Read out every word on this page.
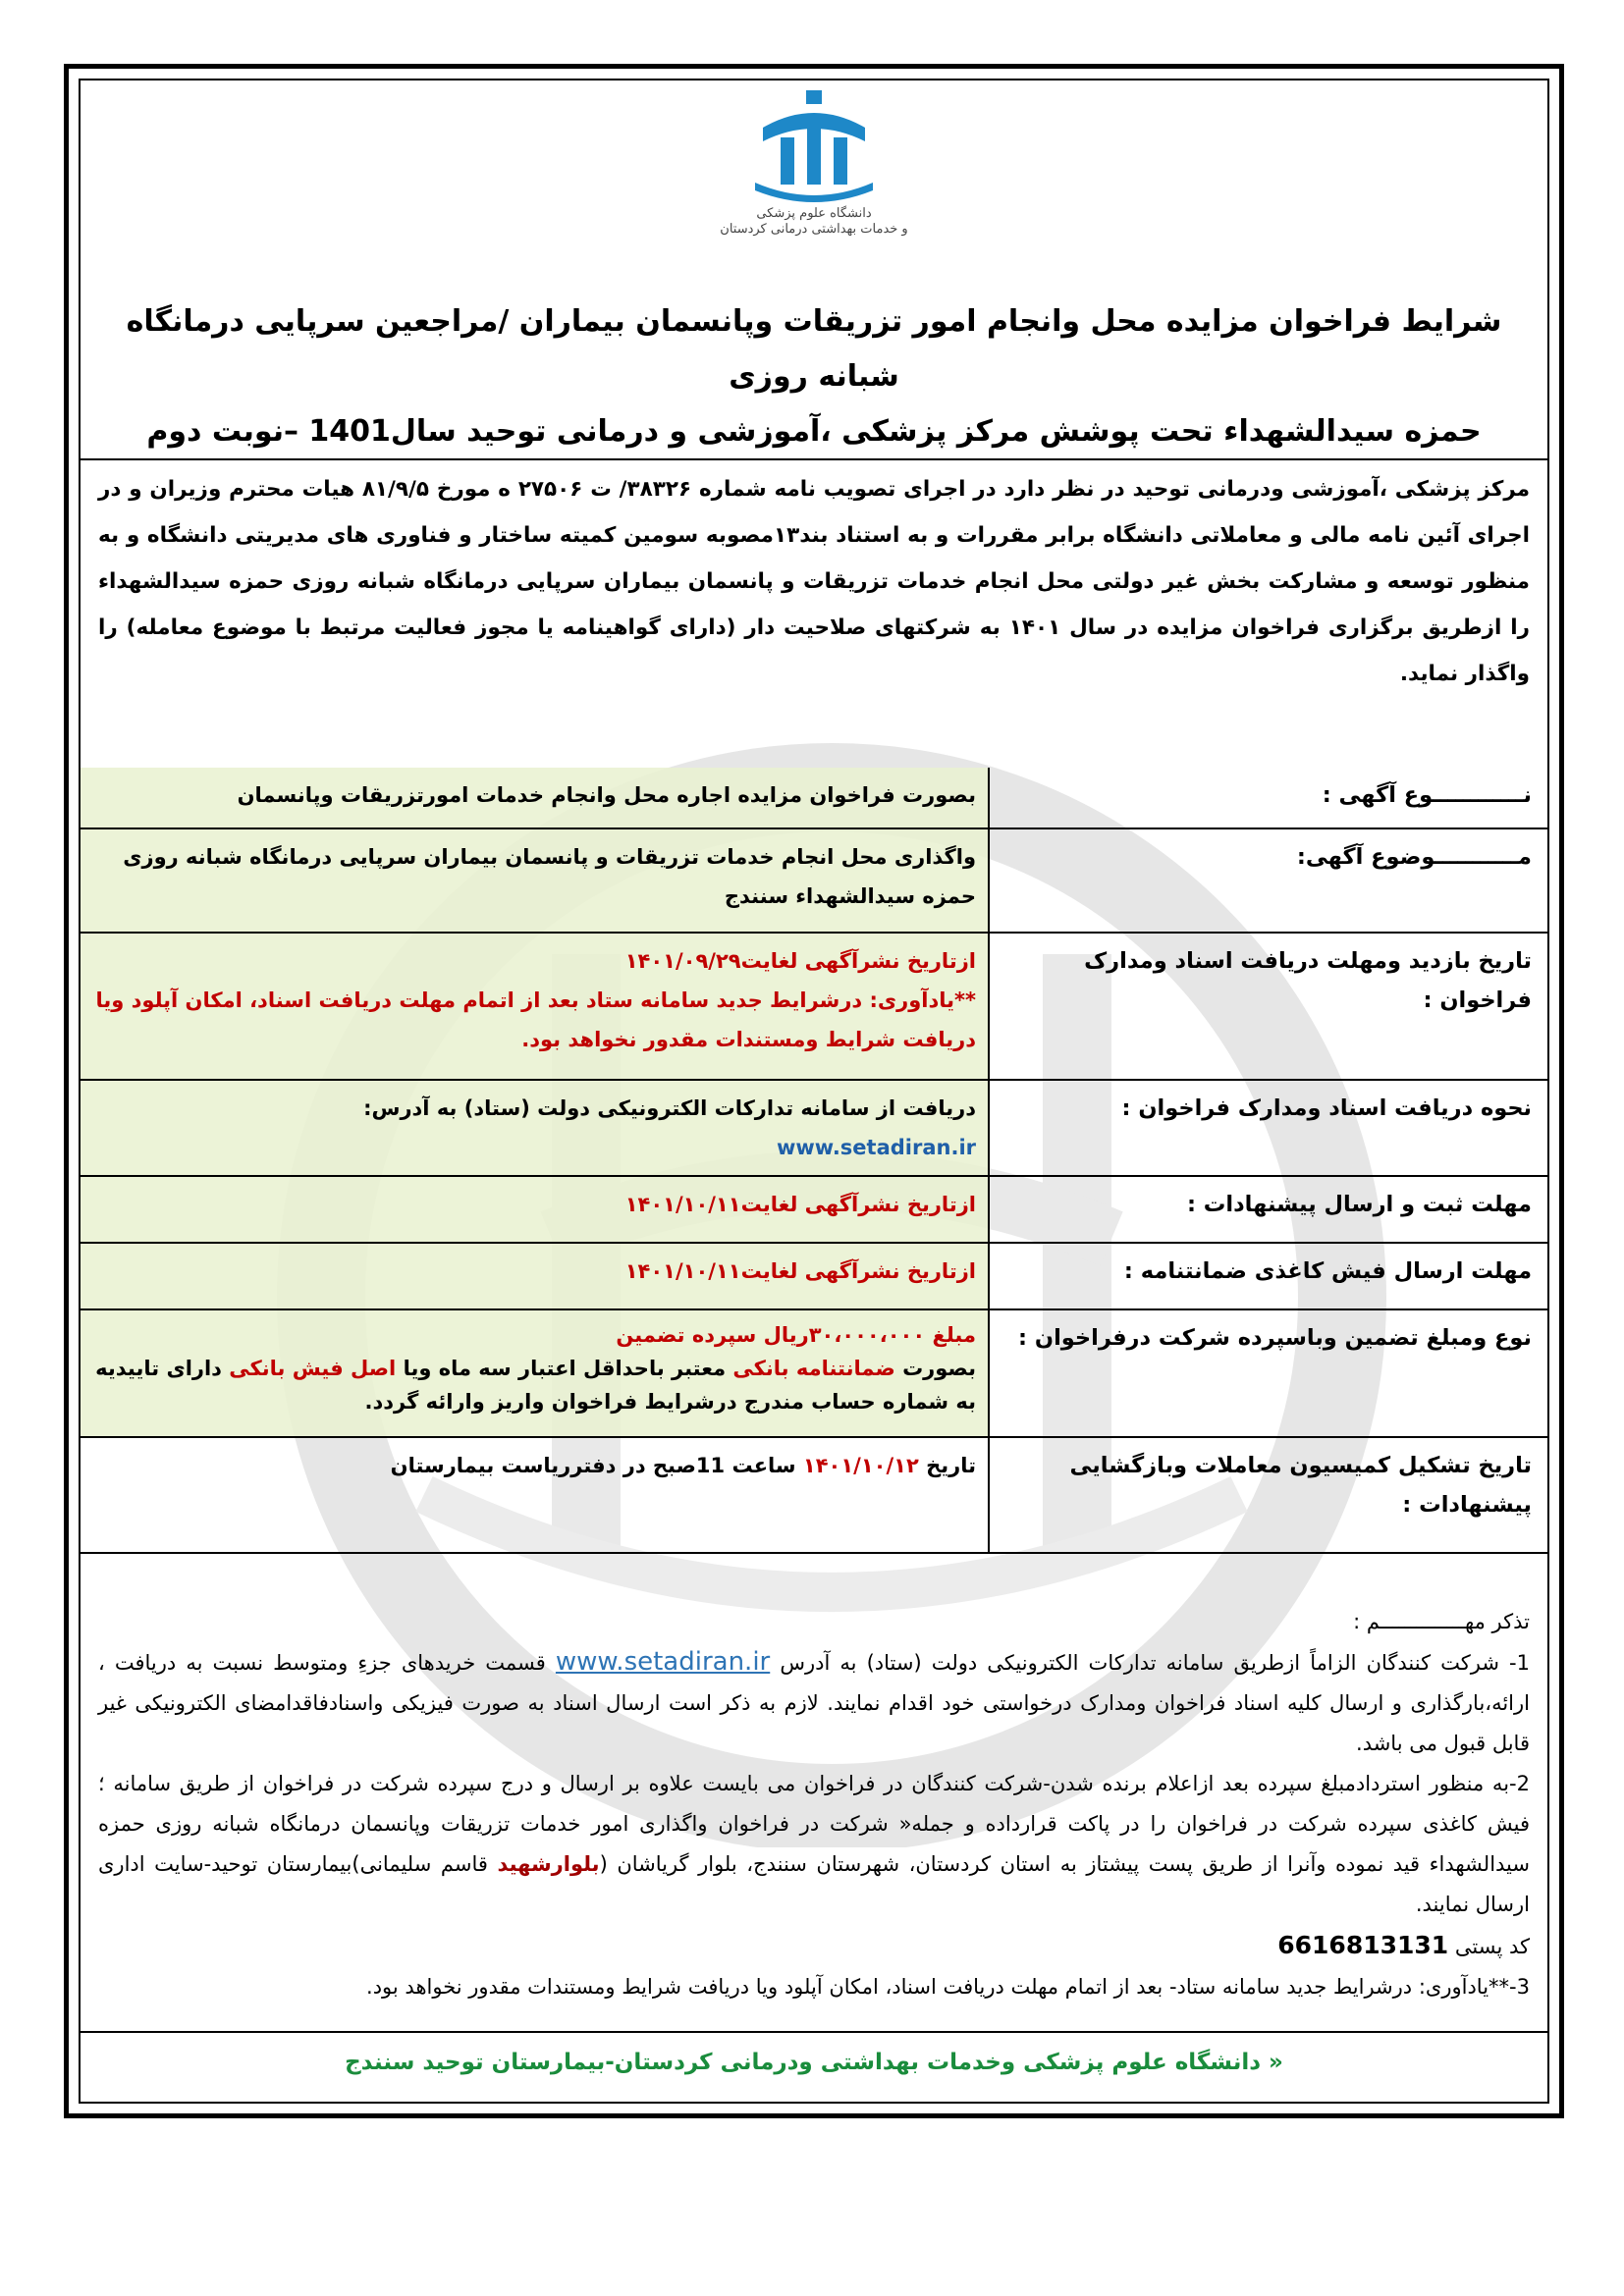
دانشگاه علوم پزشکی
و خدمات بهداشتی درمانی کردستان
شرایط فراخوان مزایده محل وانجام امور تزریقات وپانسمان بیماران /مراجعین سرپایی درمانگاه شبانه روزی
حمزه سیدالشهداء تحت پوشش مرکز پزشکی ،آموزشی و درمانی توحید سال1401 –نوبت دوم
مرکز پزشکی ،آموزشی ودرمانی توحید در نظر دارد در اجرای تصویب نامه شماره ۳۸۳۲۶/ ت ۲۷۵۰۶ ه مورخ ۸۱/۹/۵ هیات محترم وزیران و در اجرای آئین نامه مالی و معاملاتی دانشگاه برابر مقررات و به استناد بند۱۳مصوبه سومین کمیته ساختار و فناوری های مدیریتی دانشگاه و به منظور توسعه و مشارکت بخش غیر دولتی محل انجام خدمات تزریقات و پانسمان بیماران سرپایی درمانگاه شبانه روزی حمزه سیدالشهداء را ازطریق برگزاری فراخوان مزایده در سال ۱۴۰۱ به شرکتهای صلاحیت دار (دارای گواهینامه یا مجوز فعالیت مرتبط با موضوع معامله) را واگذار نماید.
نــــــــــــوع آگهی :	بصورت فراخوان مزایده اجاره محل وانجام خدمات امورتزریقات وپانسمان
مـــــــــــوضوع آگهی:	واگذاری محل انجام خدمات تزریقات و پانسمان بیماران سرپایی درمانگاه شبانه روزی حمزه سیدالشهداء سنندج
تاریخ بازدید ومهلت دریافت اسناد ومدارک فراخوان :	ازتاریخ نشرآگهی لغایت۱۴۰۱/۰۹/۲۹
**یادآوری: درشرایط جدید سامانه ستاد بعد از اتمام مهلت دریافت اسناد، امکان آپلود ویا دریافت شرایط ومستندات مقدور نخواهد بود.

نحوه دریافت اسناد ومدارک فراخوان :	دریافت از سامانه تدارکات الکترونیکی دولت (ستاد) به آدرس:
www.setadiran.ir

مهلت ثبت و ارسال پیشنهادات :	ازتاریخ نشرآگهی لغایت۱۴۰۱/۱۰/۱۱
مهلت ارسال فیش کاغذی ضمانتنامه :	ازتاریخ نشرآگهی لغایت۱۴۰۱/۱۰/۱۱
نوع ومبلغ تضمین وباسپرده شرکت درفراخوان :	مبلغ ۳۰،۰۰۰،۰۰۰ریال سپرده تضمین
بصورت ضمانتنامه بانکی معتبر باحداقل اعتبار سه ماه ویا اصل فیش بانکی دارای تاییدیه به شماره حساب مندرج درشرایط فراخوان واریز وارائه گردد.

تاریخ تشکیل کمیسیون معاملات وبازگشایی پیشنهادات :	تاریخ ۱۴۰۱/۱۰/۱۲ ساعت 11صبح در دفترریاست بیمارستان

تذکر مهــــــــــــــم :

1- شرکت کنندگان الزاماً ازطریق سامانه تدارکات الکترونیکی دولت (ستاد) به آدرس www.setadiran.ir قسمت خریدهای جزءِ ومتوسط نسبت به دریافت ، ارائه،بارگذاری و ارسال کلیه اسناد فراخوان ومدارک درخواستی خود اقدام نمایند. لازم به ذکر است ارسال اسناد به صورت فیزیکی واسنادفاقدامضای الکترونیکی غیر قابل قبول می باشد.

2-به منظور استردادمبلغ سپرده بعد ازاعلام برنده شدن-شرکت کنندگان در فراخوان می بایست علاوه بر ارسال و درج سپرده شرکت در فراخوان از طریق سامانه ؛ فیش کاغذی سپرده شرکت در فراخوان را در پاکت قرارداده و جمله« شرکت در فراخوان واگذاری امور خدمات تزریقات وپانسمان درمانگاه شبانه روزی حمزه سیدالشهداء قید نموده وآنرا از طریق پست پیشتاز به استان کردستان، شهرستان سنندج، بلوار گریاشان (بلوارشهید قاسم سلیمانی)بیمارستان توحید-سایت اداری ارسال نمایند.

کد پستی 6616813131

3-**یادآوری: درشرایط جدید سامانه ستاد- بعد از اتمام مهلت دریافت اسناد، امکان آپلود ویا دریافت شرایط ومستندات مقدور نخواهد بود.

« دانشگاه علوم پزشکی وخدمات بهداشتی ودرمانی کردستان-بیمارستان توحید سنندج
